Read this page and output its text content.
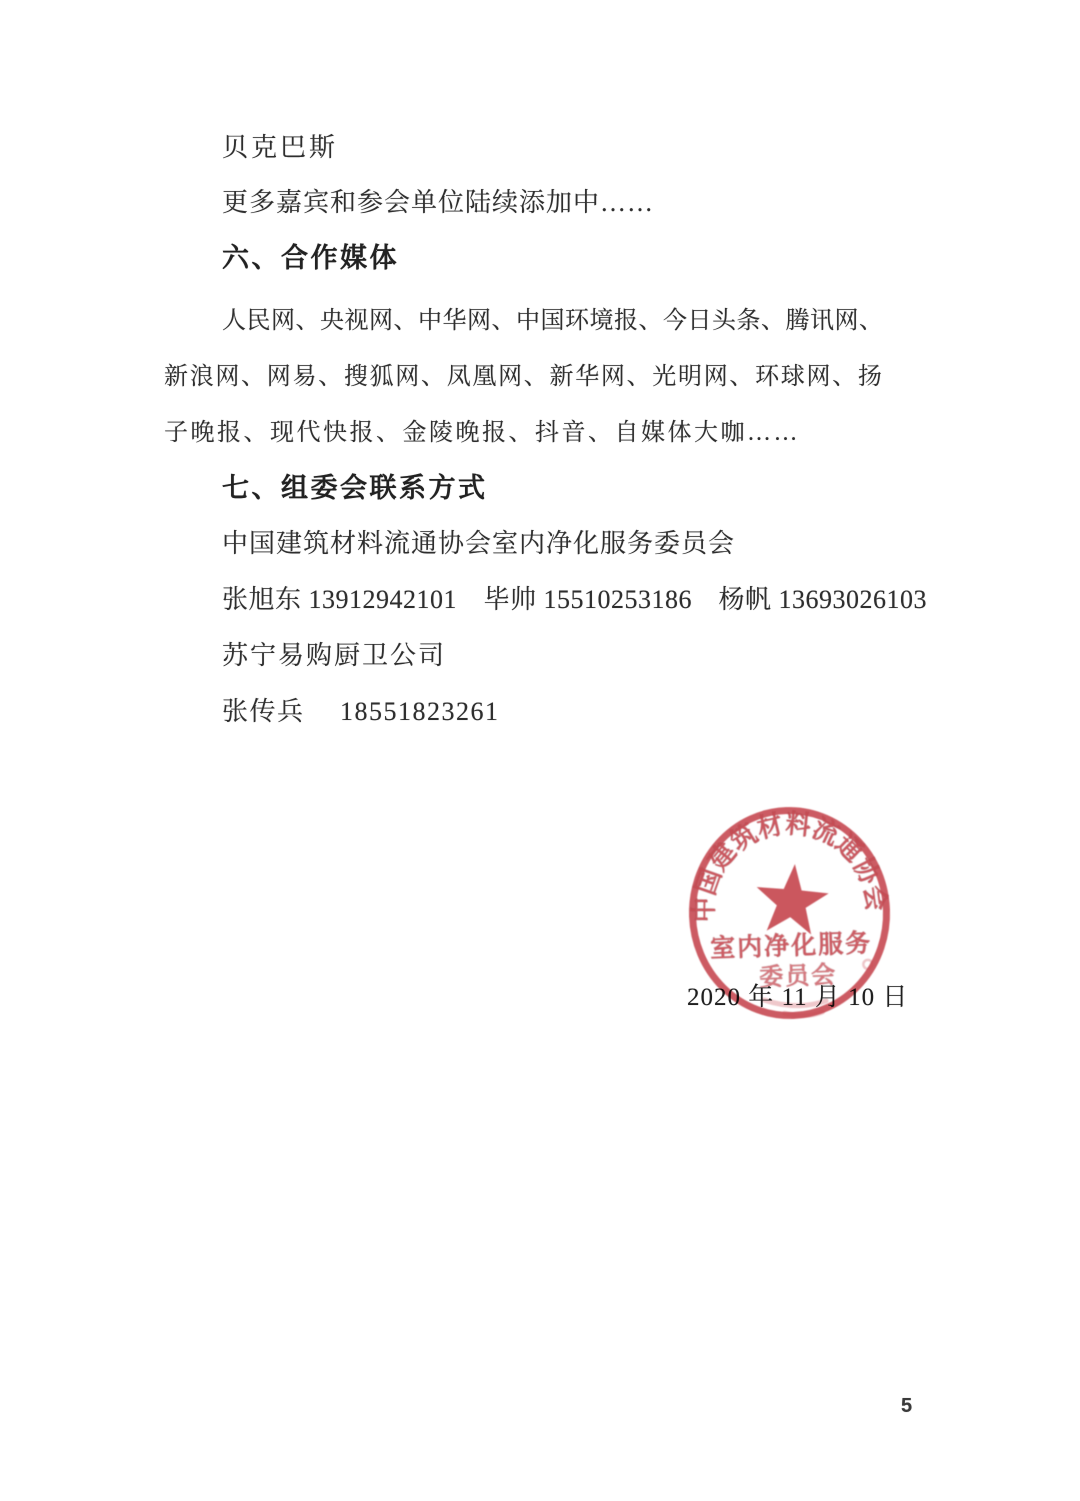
贝克巴斯
更多嘉宾和参会单位陆续添加中……
六、合作媒体
人民网、央视网、中华网、中国环境报、今日头条、腾讯网、
新浪网、网易、搜狐网、凤凰网、新华网、光明网、环球网、扬
子晚报、现代快报、金陵晚报、抖音、自媒体大咖……
七、组委会联系方式
中国建筑材料流通协会室内净化服务委员会
张旭东 13912942101　毕帅 15510253186　杨帆 13693026103
苏宁易购厨卫公司
张传兵 　18551823261
2020 年 11 月 10 日
中国建筑材料流通协会
室内净化服务
委员会
5
